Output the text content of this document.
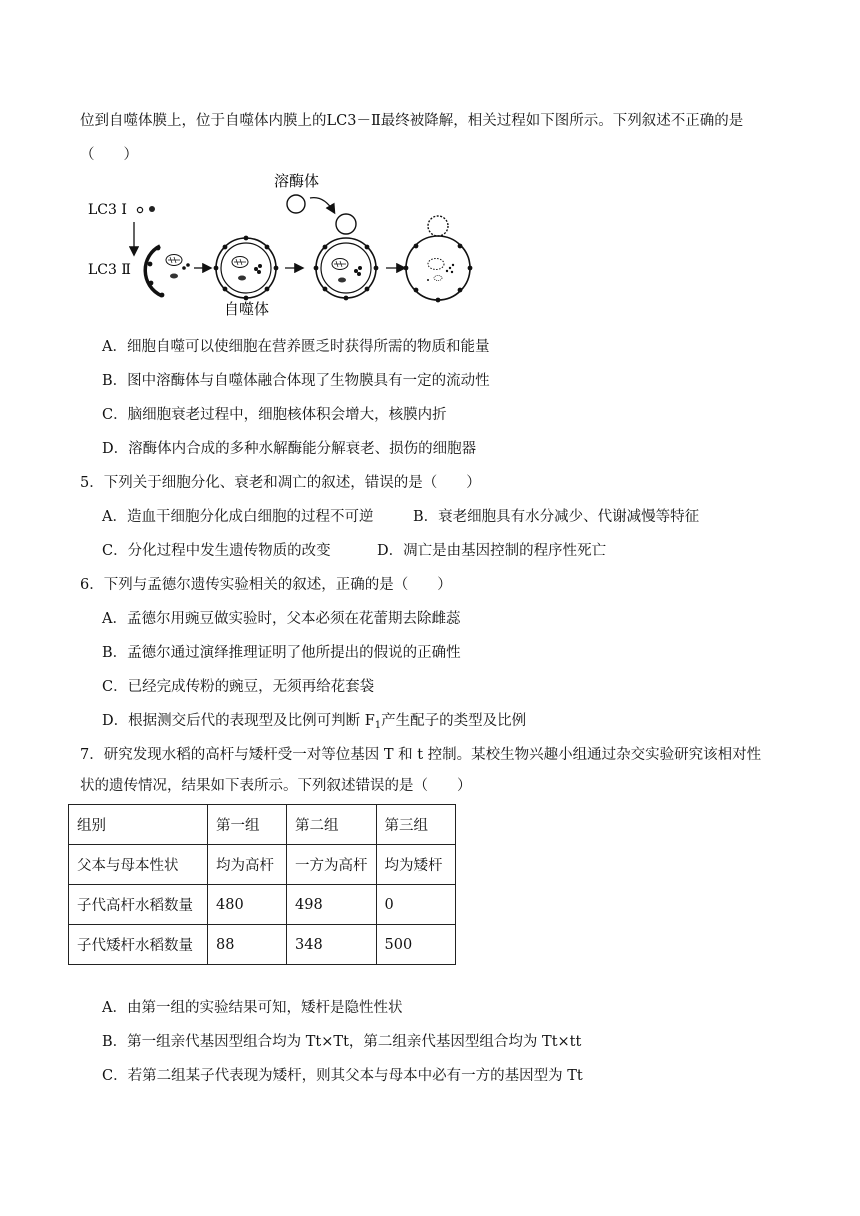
位到自噬体膜上，位于自噬体内膜上的LC3－Ⅱ最终被降解，相关过程如下图所示。下列叙述不正确的是
（　　）
溶酶体
LC3 I
LC3 Ⅱ
自噬体
A．细胞自噬可以使细胞在营养匮乏时获得所需的物质和能量
B．图中溶酶体与自噬体融合体现了生物膜具有一定的流动性
C．脑细胞衰老过程中，细胞核体积会增大，核膜内折
D．溶酶体内合成的多种水解酶能分解衰老、损伤的细胞器
5．下列关于细胞分化、衰老和凋亡的叙述，错误的是（　　）
A．造血干细胞分化成白细胞的过程不可逆	B．衰老细胞具有水分减少、代谢减慢等特征
C．分化过程中发生遗传物质的改变	D．凋亡是由基因控制的程序性死亡
6．下列与孟德尔遗传实验相关的叙述，正确的是（　　）
A．孟德尔用豌豆做实验时，父本必须在花蕾期去除雌蕊
B．孟德尔通过演绎推理证明了他所提出的假说的正确性
C．已经完成传粉的豌豆，无须再给花套袋
D．根据测交后代的表现型及比例可判断 $F_1$产生配子的类型及比例
7．研究发现水稻的高杆与矮杆受一对等位基因 T 和 t 控制。某校生物兴趣小组通过杂交实验研究该相对性
状的遗传情况，结果如下表所示。下列叙述错误的是（　　）
组别	第一组	第二组	第三组
父本与母本性状	均为高杆	一方为高杆	均为矮杆
子代高杆水稻数量	480	498	0
子代矮杆水稻数量	88	348	500
A．由第一组的实验结果可知，矮杆是隐性性状
B．第一组亲代基因型组合均为 Tt×Tt，第二组亲代基因型组合均为 Tt×tt
C．若第二组某子代表现为矮杆，则其父本与母本中必有一方的基因型为 Tt
